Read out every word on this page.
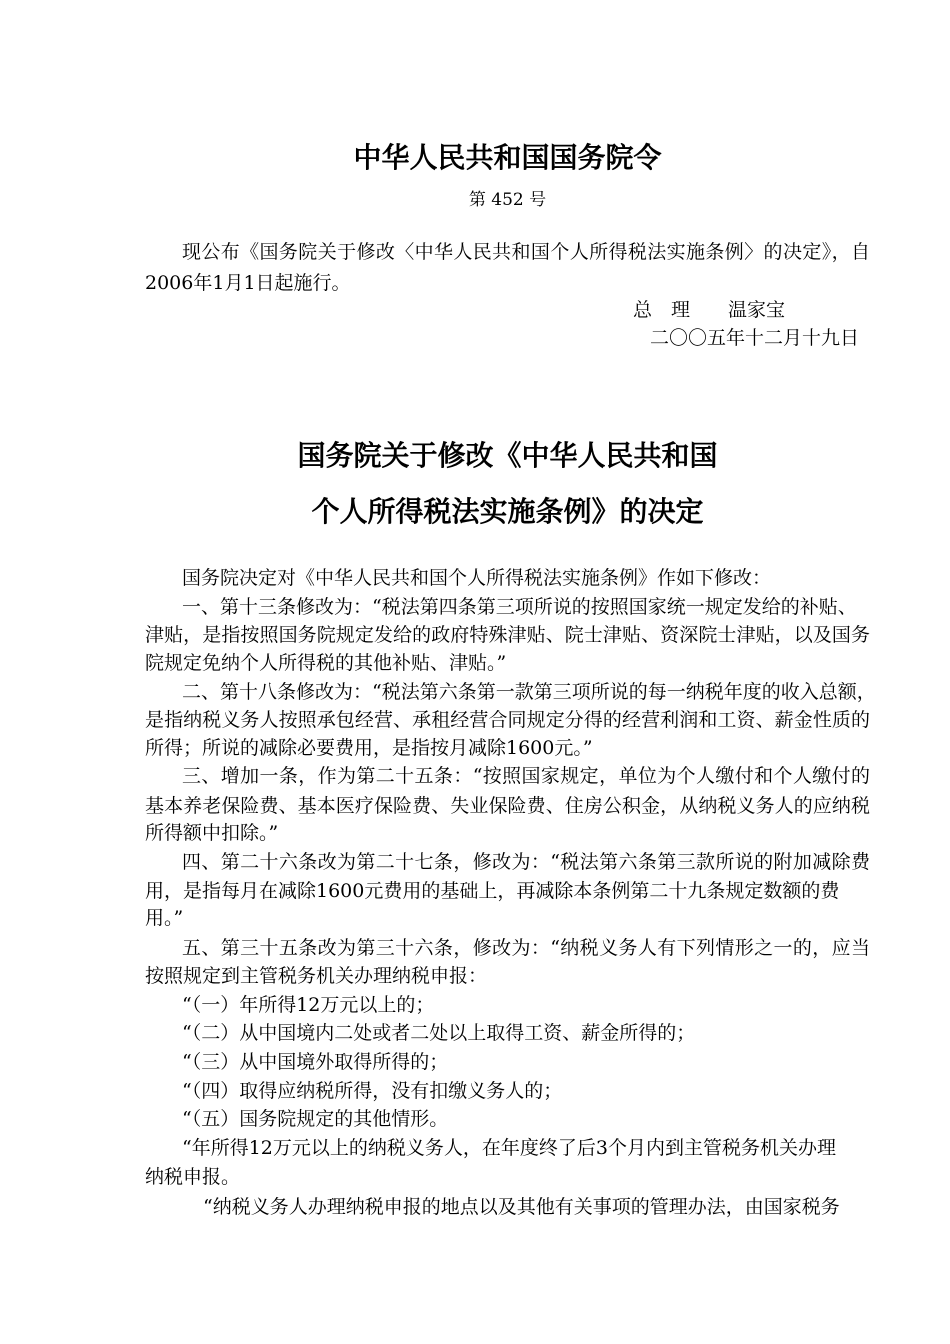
中华人民共和国国务院令
第 452 号
现公布《国务院关于修改〈中华人民共和国个人所得税法实施条例〉的决定》，自
2006年1月1日起施行。
总　理　　温家宝
二〇〇五年十二月十九日
国务院关于修改《中华人民共和国
个人所得税法实施条例》的决定
国务院决定对《中华人民共和国个人所得税法实施条例》作如下修改：
一、第十三条修改为：“税法第四条第三项所说的按照国家统一规定发给的补贴、
津贴，是指按照国务院规定发给的政府特殊津贴、院士津贴、资深院士津贴，以及国务
院规定免纳个人所得税的其他补贴、津贴。”
二、第十八条修改为：“税法第六条第一款第三项所说的每一纳税年度的收入总额，
是指纳税义务人按照承包经营、承租经营合同规定分得的经营利润和工资、薪金性质的
所得；所说的减除必要费用，是指按月减除1600元。”
三、增加一条，作为第二十五条：“按照国家规定，单位为个人缴付和个人缴付的
基本养老保险费、基本医疗保险费、失业保险费、住房公积金，从纳税义务人的应纳税
所得额中扣除。”
四、第二十六条改为第二十七条，修改为：“税法第六条第三款所说的附加减除费
用，是指每月在减除1600元费用的基础上，再减除本条例第二十九条规定数额的费
用。”
五、第三十五条改为第三十六条，修改为：“纳税义务人有下列情形之一的，应当
按照规定到主管税务机关办理纳税申报：
“（一）年所得12万元以上的；
“（二）从中国境内二处或者二处以上取得工资、薪金所得的；
“（三）从中国境外取得所得的；
“（四）取得应纳税所得，没有扣缴义务人的；
“（五）国务院规定的其他情形。
“年所得12万元以上的纳税义务人，在年度终了后3个月内到主管税务机关办理
纳税申报。
“纳税义务人办理纳税申报的地点以及其他有关事项的管理办法，由国家税务
